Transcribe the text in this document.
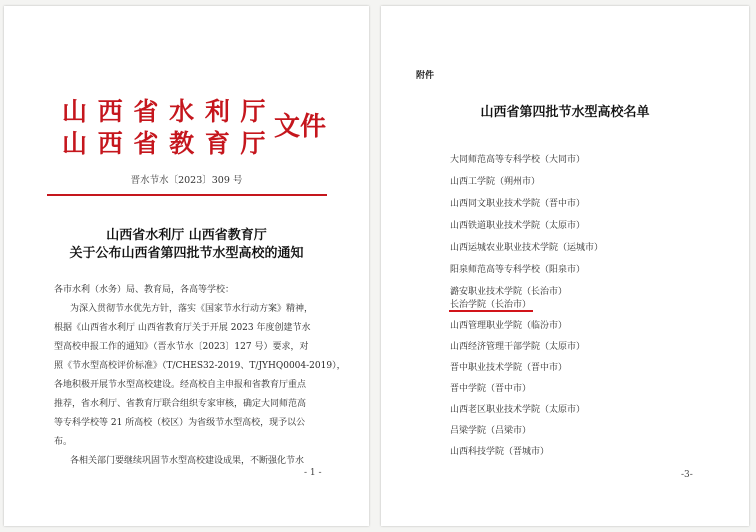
山 西 省 水 利 厅
山 西 省 教 育 厅
文件
晋水节水〔2023〕309 号
山西省水利厅 山西省教育厅
关于公布山西省第四批节水型高校的通知
各市水利（水务）局、教育局，各高等学校：
为深入贯彻节水优先方针，落实《国家节水行动方案》精神，
根据《山西省水利厅 山西省教育厅关于开展 2023 年度创建节水
型高校申报工作的通知》（晋水节水〔2023〕127 号）要求，对
照《节水型高校评价标准》（T/CHES32-2019、T/JYHQ0004-2019），
各地积极开展节水型高校建设。经高校自主申报和省教育厅重点
推荐，省水利厅、省教育厅联合组织专家审核，确定大同师范高
等专科学校等 21 所高校（校区）为省级节水型高校，现予以公
布。
各相关部门要继续巩固节水型高校建设成果，不断强化节水
- 1 -
附件
山西省第四批节水型高校名单
大同师范高等专科学校（大同市）
山西工学院（朔州市）
山西同文职业技术学院（晋中市）
山西铁道职业技术学院（太原市）
山西运城农业职业技术学院（运城市）
阳泉师范高等专科学校（阳泉市）
潞安职业技术学院（长治市）
长治学院（长治市）
山西管理职业学院（临汾市）
山西经济管理干部学院（太原市）
晋中职业技术学院（晋中市）
晋中学院（晋中市）
山西老区职业技术学院（太原市）
吕梁学院（吕梁市）
山西科技学院（晋城市）
-3-
